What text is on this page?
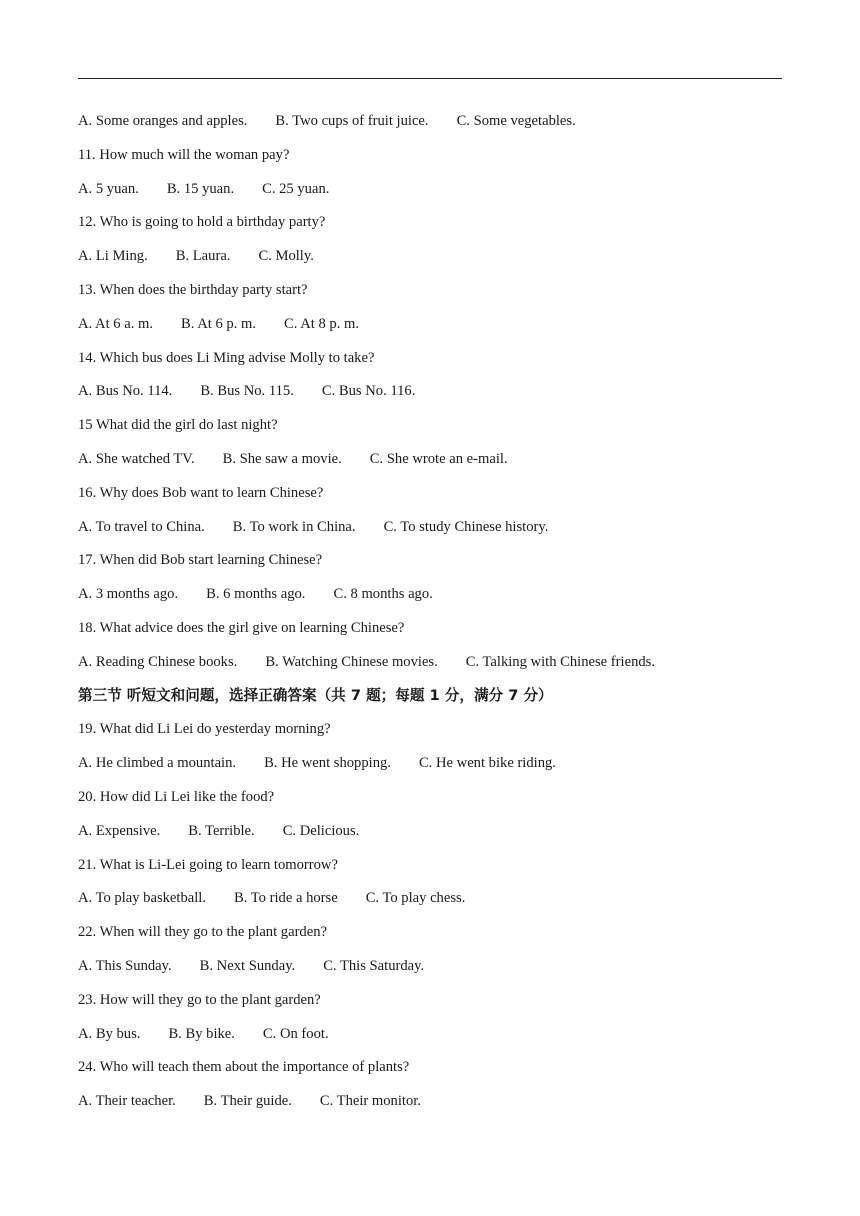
A. Some oranges and apples. B. Two cups of fruit juice. C. Some vegetables.
11. How much will the woman pay?
A. 5 yuan. B. 15 yuan. C. 25 yuan.
12. Who is going to hold a birthday party?
A. Li Ming. B. Laura. C. Molly.
13. When does the birthday party start?
A. At 6 a. m. B. At 6 p. m. C. At 8 p. m.
14. Which bus does Li Ming advise Molly to take?
A. Bus No. 114. B. Bus No. 115. C. Bus No. 116.
15 What did the girl do last night?
A. She watched TV. B. She saw a movie. C. She wrote an e-mail.
16. Why does Bob want to learn Chinese?
A. To travel to China. B. To work in China. C. To study Chinese history.
17. When did Bob start learning Chinese?
A. 3 months ago. B. 6 months ago. C. 8 months ago.
18. What advice does the girl give on learning Chinese?
A. Reading Chinese books. B. Watching Chinese movies. C. Talking with Chinese friends.
第三节 听短文和问题，选择正确答案（共 7 题；每题 1 分，满分 7 分）
19. What did Li Lei do yesterday morning?
A. He climbed a mountain. B. He went shopping. C. He went bike riding.
20. How did Li Lei like the food?
A. Expensive. B. Terrible. C. Delicious.
21. What is Li-Lei going to learn tomorrow?
A. To play basketball. B. To ride a horse C. To play chess.
22. When will they go to the plant garden?
A. This Sunday. B. Next Sunday. C. This Saturday.
23. How will they go to the plant garden?
A. By bus. B. By bike. C. On foot.
24. Who will teach them about the importance of plants?
A. Their teacher. B. Their guide. C. Their monitor.
